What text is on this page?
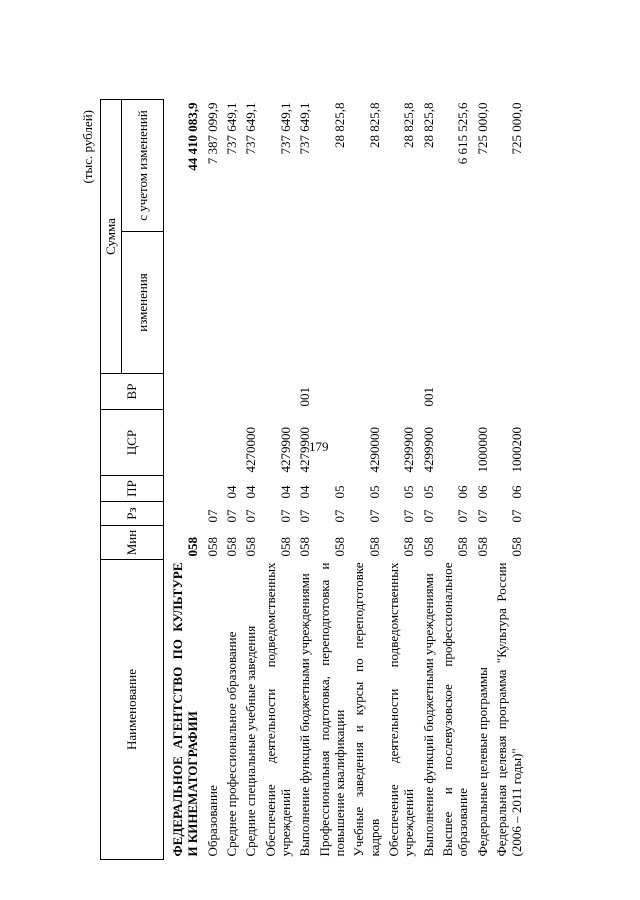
179
(тыс. рублей)
Наименование	Мин	Рз	ПР	ЦСР	ВР	Сумма	
						изменения	с учетом изменений
ФЕДЕРАЛЬНОЕ АГЕНТСТВО ПО КУЛЬТУРЕ И КИНЕМАТОГРАФИИ	058						44 410 083,9
Образование	058	07					7 387 099,9
Среднее профессиональное образование	058	07	04				737 649,1
Средние специальные учебные заведения	058	07	04	4270000			737 649,1
Обеспечение деятельности подведомственных учреждений	058	07	04	4279900			737 649,1
Выполнение функций бюджетными учреждениями	058	07	04	4279900	001		737 649,1
Профессиональная подготовка, переподготовка и повышение квалификации	058	07	05				28 825,8
Учебные заведения и курсы по переподготовке кадров	058	07	05	4290000			28 825,8
Обеспечение деятельности подведомственных учреждений	058	07	05	4299900			28 825,8
Выполнение функций бюджетными учреждениями	058	07	05	4299900	001		28 825,8
Высшее и послевузовское профессиональное образование	058	07	06				6 615 525,6
Федеральные целевые программы	058	07	06	1000000			725 000,0
Федеральная целевая программа "Культура России (2006 – 2011 годы)"	058	07	06	1000200			725 000,0
